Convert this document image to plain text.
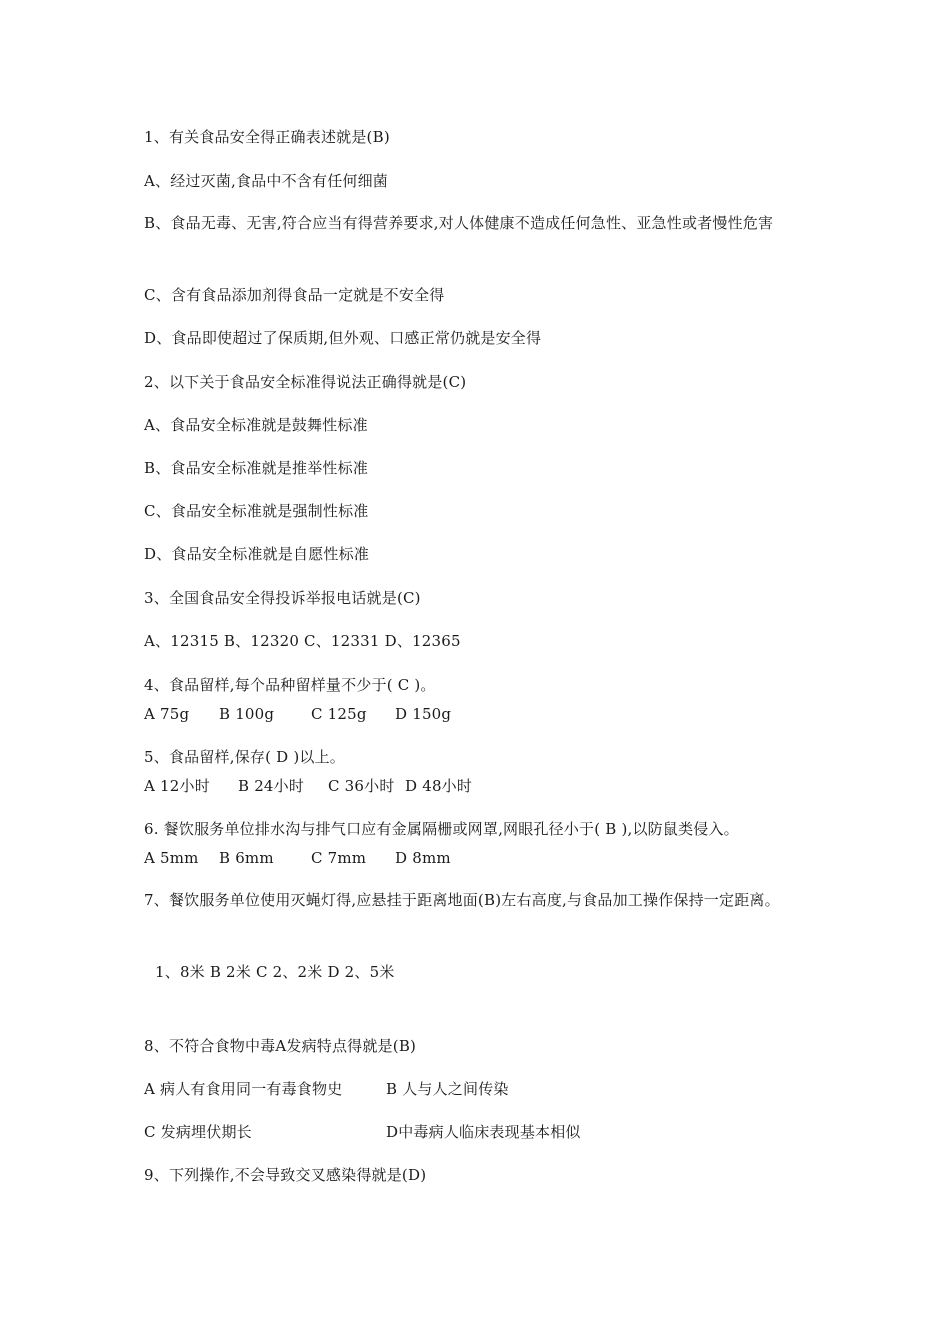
1、有关食品安全得正确表述就是(B)
A、经过灭菌,食品中不含有任何细菌
B、食品无毒、无害,符合应当有得营养要求,对人体健康不造成任何急性、亚急性或者慢性危害
C、含有食品添加剂得食品一定就是不安全得
D、食品即使超过了保质期,但外观、口感正常仍就是安全得
2、以下关于食品安全标准得说法正确得就是(C)
A、食品安全标准就是鼓舞性标准
B、食品安全标准就是推举性标准
C、食品安全标准就是强制性标准
D、食品安全标准就是自愿性标准
3、全国食品安全得投诉举报电话就是(C)
A、12315 B、12320 C、12331 D、12365
4、食品留样,每个品种留样量不少于( C )。
A 75g B 100g C 125g D 150g
5、食品留样,保存( D )以上。
A 12小时 B 24小时 C 36小时 D 48小时
6. 餐饮服务单位排水沟与排气口应有金属隔栅或网罩,网眼孔径小于( B ),以防鼠类侵入。
A 5mm B 6mm C 7mm D 8mm
7、餐饮服务单位使用灭蝇灯得,应悬挂于距离地面(B)左右高度,与食品加工操作保持一定距离。
1、8米 B 2米 C 2、2米 D 2、5米
8、不符合食物中毒A发病特点得就是(B)
A 病人有食用同一有毒食物史	B 人与人之间传染
C 发病埋伏期长	D中毒病人临床表现基本相似
9、下列操作,不会导致交叉感染得就是(D)
